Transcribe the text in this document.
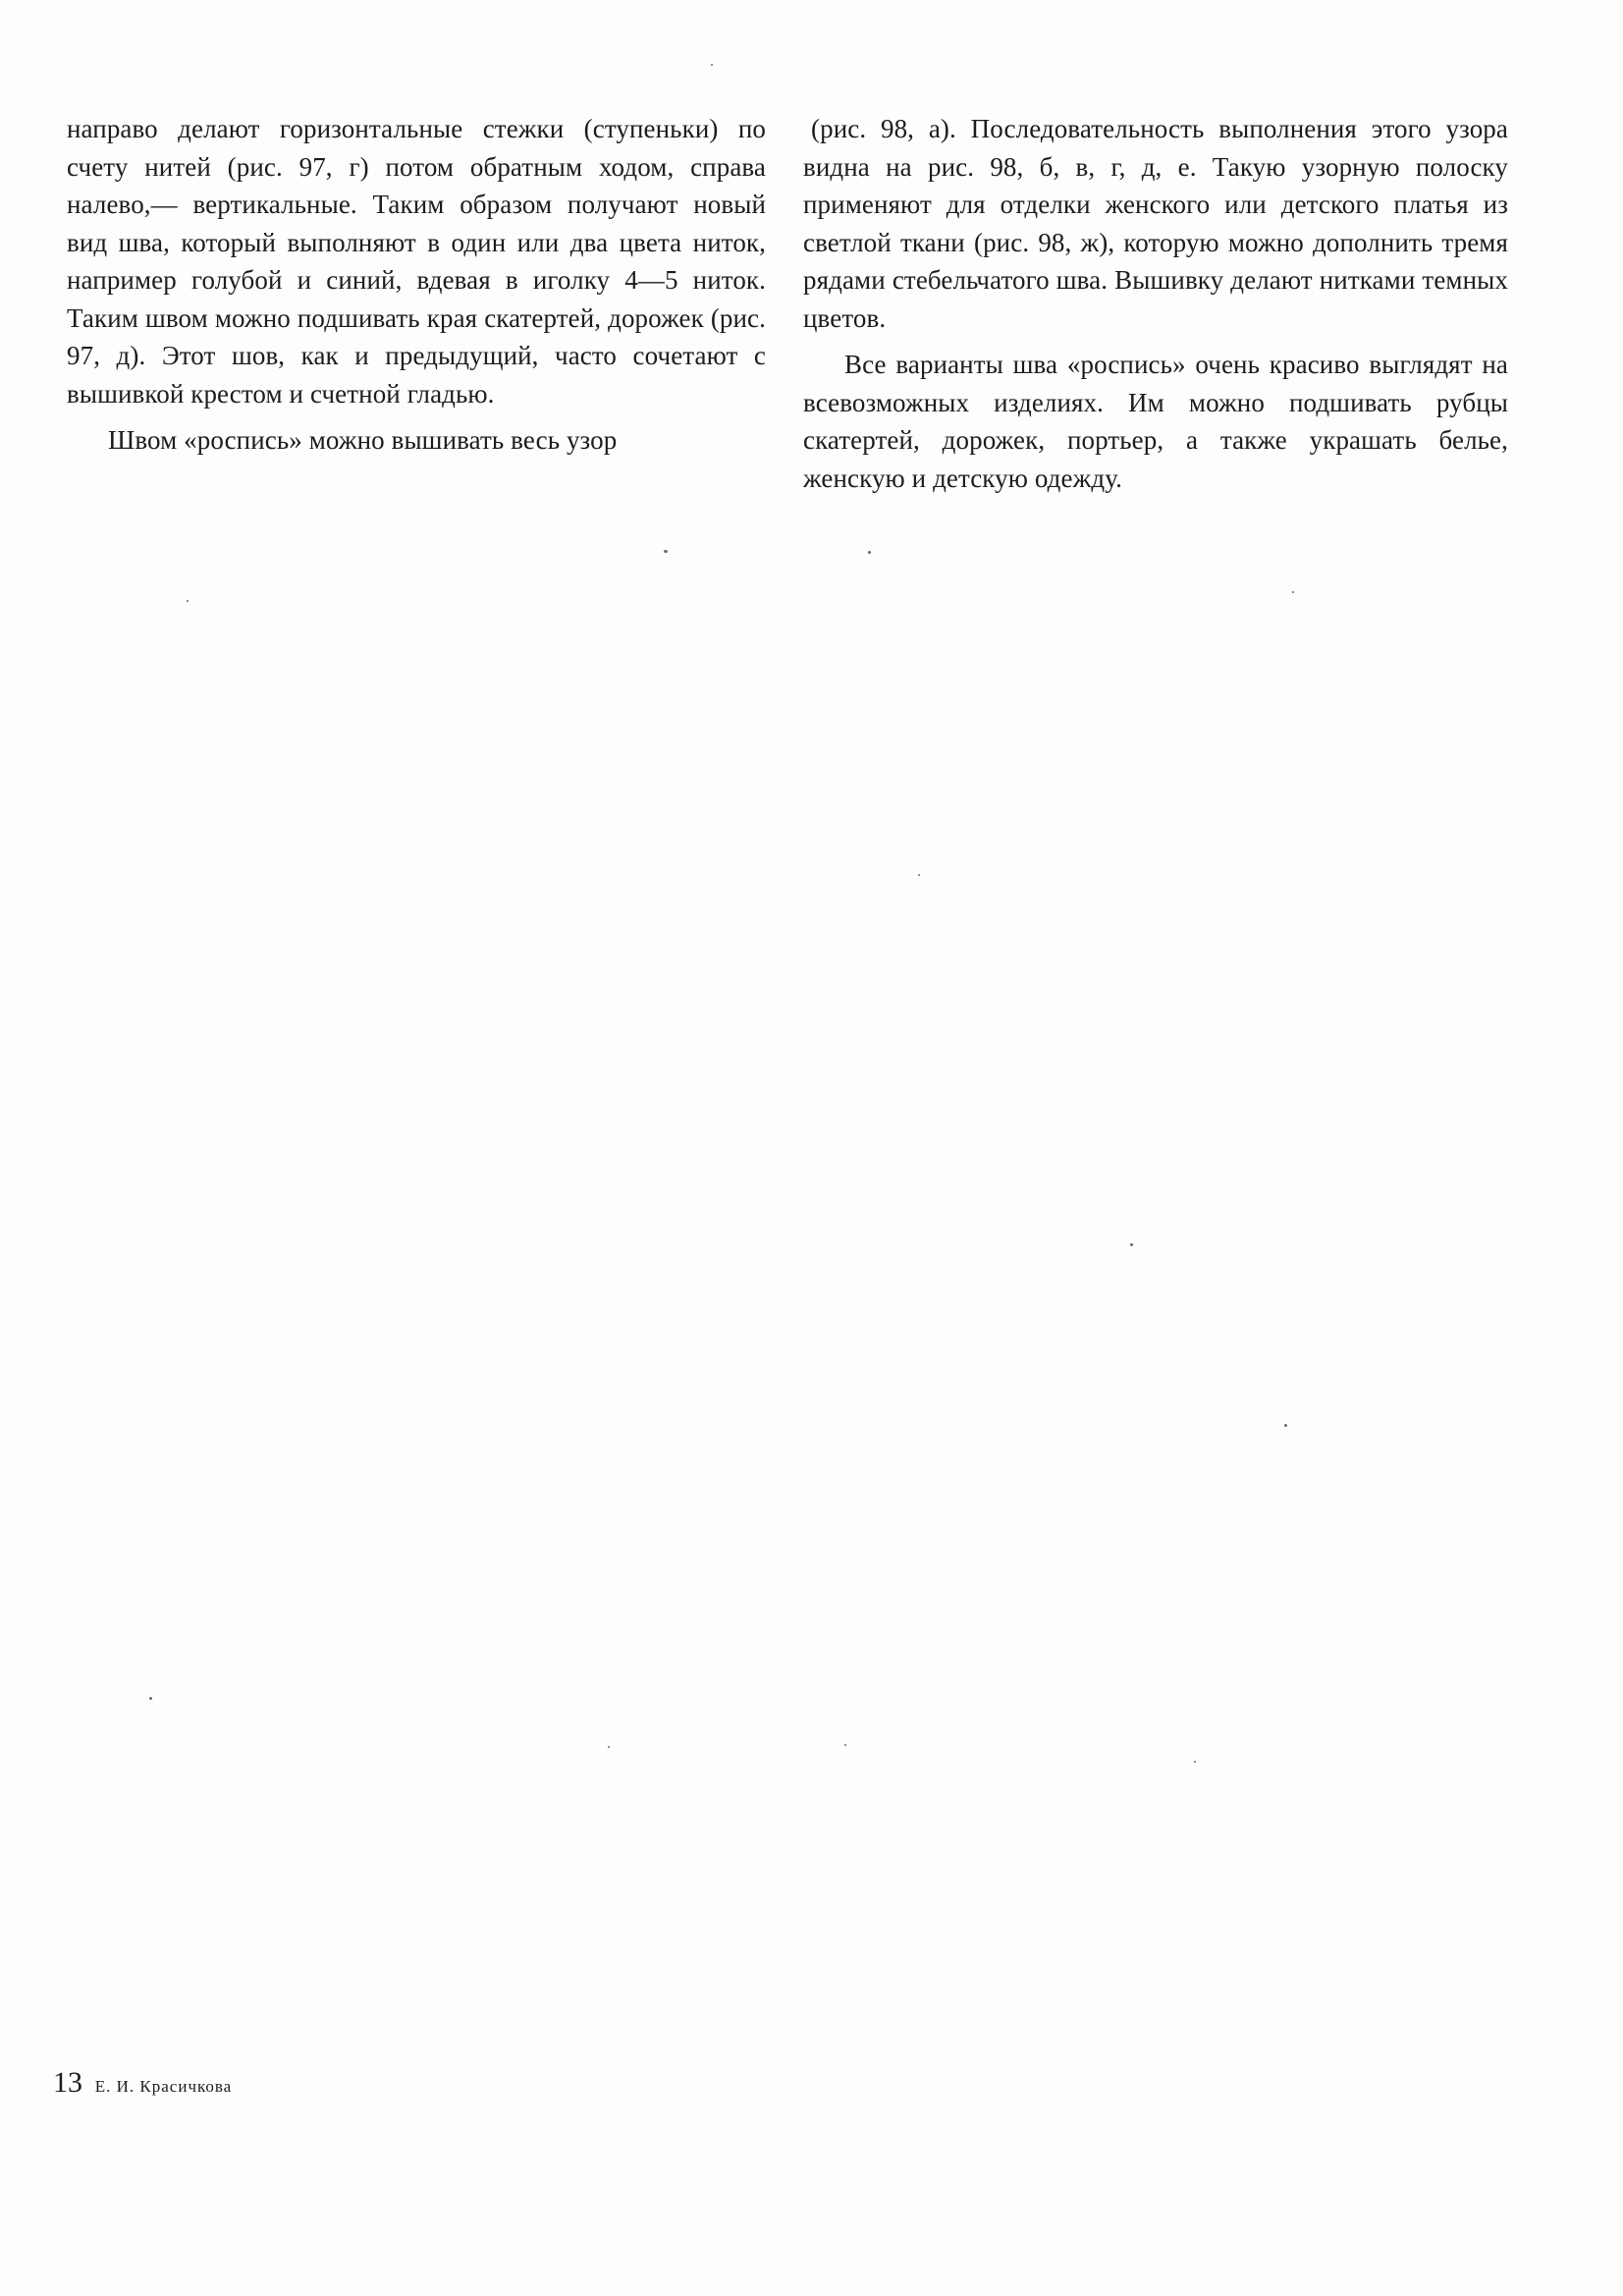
направо делают горизонтальные стежки (ступеньки) по счету нитей (рис. 97, г) потом обратным ходом, справа налево,— вертикальные. Таким образом получают новый вид шва, который выполняют в один или два цвета ниток, например голубой и синий, вдевая в иголку 4—5 ниток. Таким швом можно подшивать края скатертей, дорожек (рис. 97, д). Этот шов, как и предыдущий, часто сочетают с вышивкой крестом и счетной гладью.

Швом «роспись» можно вышивать весь узор

(рис. 98, а). Последовательность выполнения этого узора видна на рис. 98, б, в, г, д, е. Такую узорную полоску применяют для отделки женского или детского платья из светлой ткани (рис. 98, ж), которую можно дополнить тремя рядами стебельчатого шва. Вышивку делают нитками темных цветов.

Все варианты шва «роспись» очень красиво выглядят на всевозможных изделиях. Им можно подшивать рубцы скатертей, дорожек, портьер, а также украшать белье, женскую и детскую одежду.

13 Е. И. Красичкова
